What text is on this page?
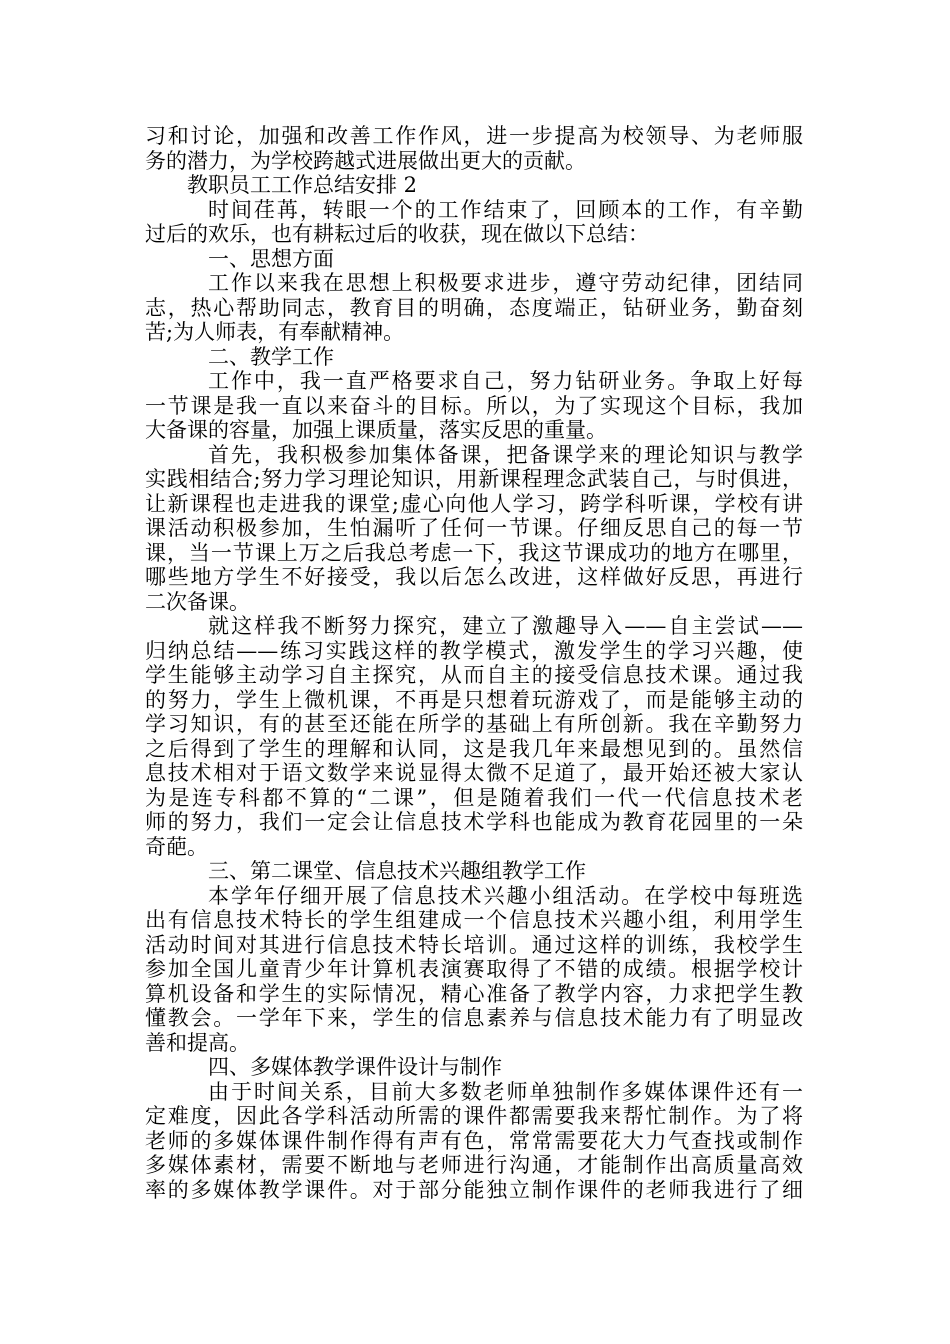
习和讨论，加强和改善工作作风，进一步提高为校领导、为老师服
务的潜力，为学校跨越式进展做出更大的贡献。
教职员工工作总结安排 2
时间荏苒，转眼一个的工作结束了，回顾本的工作，有辛勤
过后的欢乐，也有耕耘过后的收获，现在做以下总结：
一、思想方面
工作以来我在思想上积极要求进步，遵守劳动纪律，团结同
志，热心帮助同志，教育目的明确，态度端正，钻研业务，勤奋刻
苦;为人师表，有奉献精神。
二、教学工作
工作中，我一直严格要求自己，努力钻研业务。争取上好每
一节课是我一直以来奋斗的目标。所以，为了实现这个目标，我加
大备课的容量，加强上课质量，落实反思的重量。
首先，我积极参加集体备课，把备课学来的理论知识与教学
实践相结合;努力学习理论知识，用新课程理念武装自己，与时俱进，
让新课程也走进我的课堂;虚心向他人学习，跨学科听课，学校有讲
课活动积极参加，生怕漏听了任何一节课。仔细反思自己的每一节
课，当一节课上万之后我总考虑一下，我这节课成功的地方在哪里，
哪些地方学生不好接受，我以后怎么改进，这样做好反思，再进行
二次备课。
就这样我不断努力探究，建立了激趣导入——自主尝试——
归纳总结——练习实践这样的教学模式，激发学生的学习兴趣，使
学生能够主动学习自主探究，从而自主的接受信息技术课。通过我
的努力，学生上微机课，不再是只想着玩游戏了，而是能够主动的
学习知识，有的甚至还能在所学的基础上有所创新。我在辛勤努力
之后得到了学生的理解和认同，这是我几年来最想见到的。虽然信
息技术相对于语文数学来说显得太微不足道了，最开始还被大家认
为是连专科都不算的“二课”，但是随着我们一代一代信息技术老
师的努力，我们一定会让信息技术学科也能成为教育花园里的一朵
奇葩。
三、第二课堂、信息技术兴趣组教学工作
本学年仔细开展了信息技术兴趣小组活动。在学校中每班选
出有信息技术特长的学生组建成一个信息技术兴趣小组，利用学生
活动时间对其进行信息技术特长培训。通过这样的训练，我校学生
参加全国儿童青少年计算机表演赛取得了不错的成绩。根据学校计
算机设备和学生的实际情况，精心准备了教学内容，力求把学生教
懂教会。一学年下来，学生的信息素养与信息技术能力有了明显改
善和提高。
四、多媒体教学课件设计与制作
由于时间关系，目前大多数老师单独制作多媒体课件还有一
定难度，因此各学科活动所需的课件都需要我来帮忙制作。为了将
老师的多媒体课件制作得有声有色，常常需要花大力气查找或制作
多媒体素材，需要不断地与老师进行沟通，才能制作出高质量高效
率的多媒体教学课件。对于部分能独立制作课件的老师我进行了细
